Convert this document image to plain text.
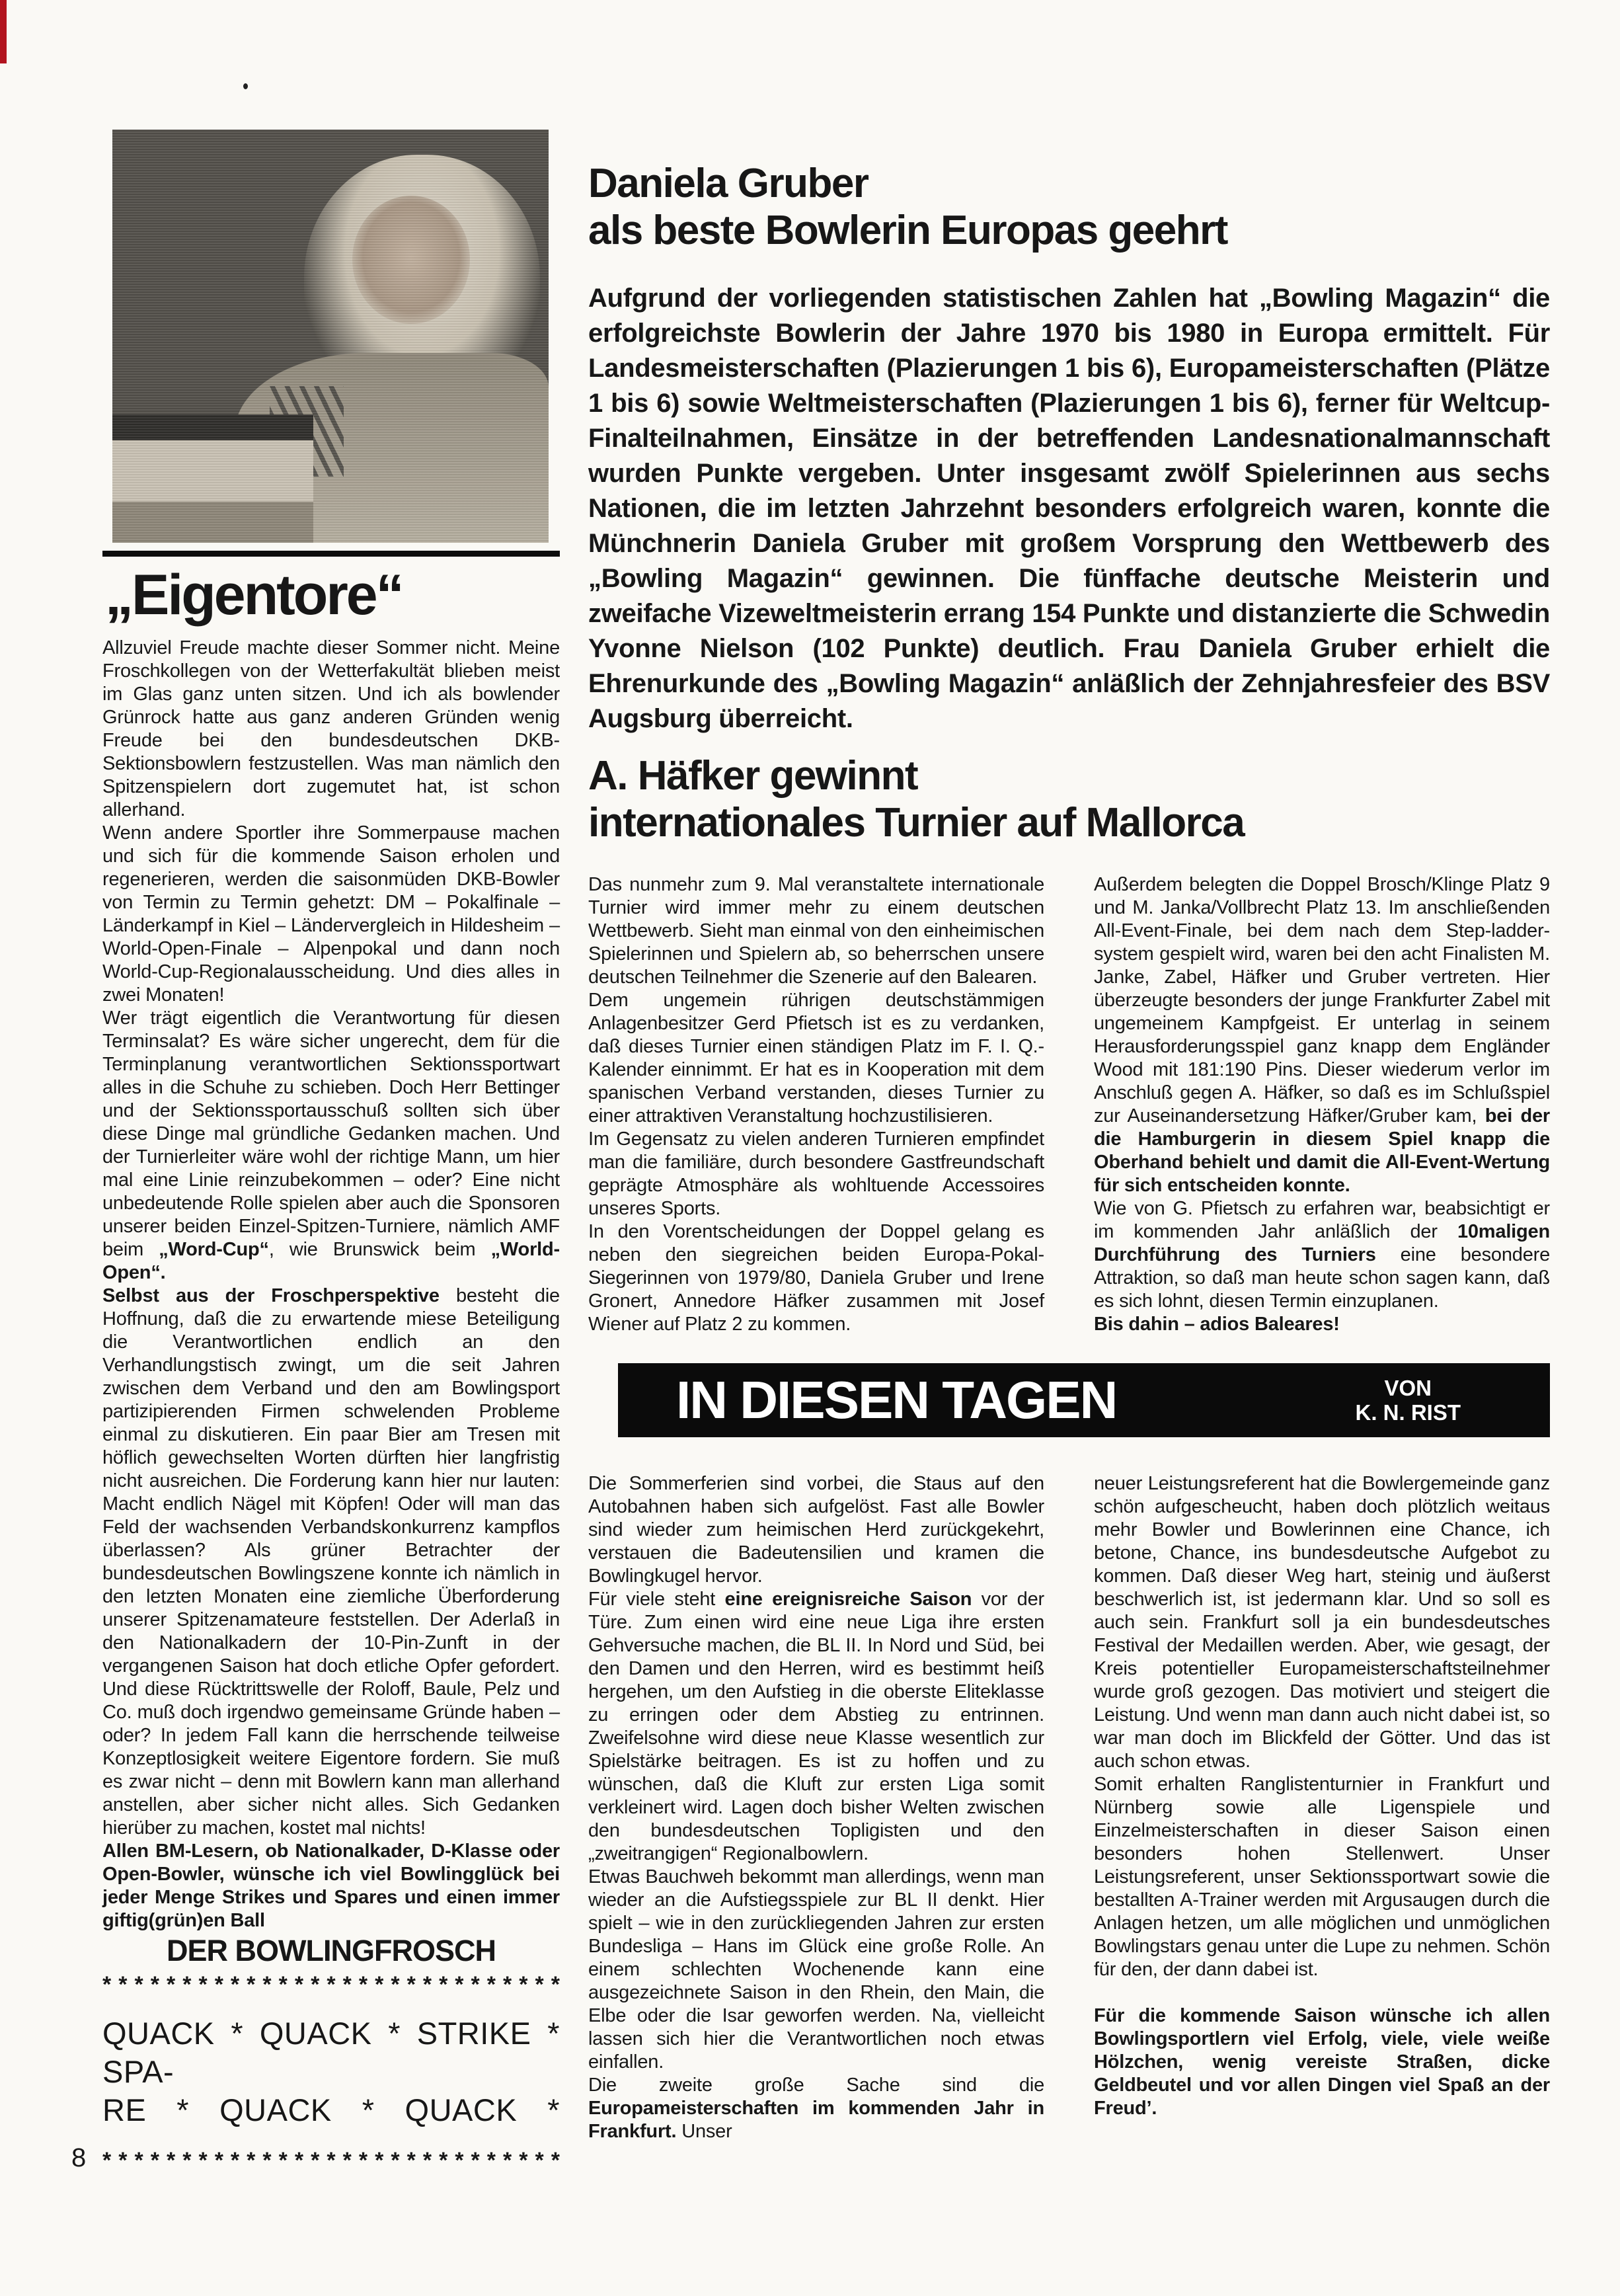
„Eigentore“

Allzuviel Freude machte dieser Sommer nicht. Meine Froschkollegen von der Wetterfakultät blieben meist im Glas ganz unten sitzen. Und ich als bowlender Grünrock hatte aus ganz anderen Gründen wenig Freude bei den bundesdeutschen DKB-Sektionsbowlern festzustellen. Was man nämlich den Spitzenspielern dort zugemutet hat, ist schon allerhand.

Wenn andere Sportler ihre Sommerpause machen und sich für die kommende Saison erholen und regenerieren, werden die saisonmüden DKB-Bowler von Termin zu Termin gehetzt: DM – Pokalfinale – Länderkampf in Kiel – Ländervergleich in Hildesheim – World-Open-Finale – Alpenpokal und dann noch World-Cup-Regionalausscheidung. Und dies alles in zwei Monaten!

Wer trägt eigentlich die Verantwortung für diesen Terminsalat? Es wäre sicher ungerecht, dem für die Terminplanung verantwortlichen Sektionssportwart alles in die Schuhe zu schieben. Doch Herr Bettinger und der Sektionssportausschuß sollten sich über diese Dinge mal gründliche Gedanken machen. Und der Turnierleiter wäre wohl der richtige Mann, um hier mal eine Linie reinzubekommen – oder? Eine nicht unbedeutende Rolle spielen aber auch die Sponsoren unserer beiden Einzel-Spitzen-Turniere, nämlich AMF beim „Word-Cup“, wie Brunswick beim „World-Open“.

Selbst aus der Froschperspektive besteht die Hoffnung, daß die zu erwartende miese Beteiligung die Verantwortlichen endlich an den Verhandlungstisch zwingt, um die seit Jahren zwischen dem Verband und den am Bowlingsport partizipierenden Firmen schwelenden Probleme einmal zu diskutieren. Ein paar Bier am Tresen mit höflich gewechselten Worten dürften hier langfristig nicht ausreichen. Die Forderung kann hier nur lauten: Macht endlich Nägel mit Köpfen! Oder will man das Feld der wachsenden Verbandskonkurrenz kampflos überlassen? Als grüner Betrachter der bundesdeutschen Bowlingszene konnte ich nämlich in den letzten Monaten eine ziemliche Überforderung unserer Spitzenamateure feststellen. Der Aderlaß in den Nationalkadern der 10-Pin-Zunft in der vergangenen Saison hat doch etliche Opfer gefordert. Und diese Rücktrittswelle der Roloff, Baule, Pelz und Co. muß doch irgendwo gemeinsame Gründe haben – oder? In jedem Fall kann die herrschende teilweise Konzeptlosigkeit weitere Eigentore fordern. Sie muß es zwar nicht – denn mit Bowlern kann man allerhand anstellen, aber sicher nicht alles. Sich Gedanken hierüber zu machen, kostet mal nichts!

Allen BM-Lesern, ob Nationalkader, D-Klasse oder Open-Bowler, wünsche ich viel Bowlingglück bei jeder Menge Strikes und Spares und einen immer giftig(grün)en Ball

DER BOWLINGFROSCH
* * * * * * * * * * * * * * * * * * * * * * * * * * * * *
QUACK * QUACK * STRIKE * SPA-
RE * QUACK * QUACK *
* * * * * * * * * * * * * * * * * * * * * * * * * * * * *
Daniela Gruber
als beste Bowlerin Europas geehrt

Aufgrund der vorliegenden statistischen Zahlen hat „Bowling Magazin“ die erfolgreichste Bowlerin der Jahre 1970 bis 1980 in Europa ermittelt. Für Landesmeisterschaften (Plazierungen 1 bis 6), Europameisterschaften (Plätze 1 bis 6) sowie Weltmeisterschaften (Plazierungen 1 bis 6), ferner für Weltcup-Finalteilnahmen, Einsätze in der betreffenden Landesnationalmannschaft wurden Punkte vergeben. Unter insgesamt zwölf Spielerinnen aus sechs Nationen, die im letzten Jahrzehnt besonders erfolgreich waren, konnte die Münchnerin Daniela Gruber mit großem Vorsprung den Wettbewerb des „Bowling Magazin“ gewinnen. Die fünffache deutsche Meisterin und zweifache Vizeweltmeisterin errang 154 Punkte und distanzierte die Schwedin Yvonne Nielson (102 Punkte) deutlich. Frau Daniela Gruber erhielt die Ehrenurkunde des „Bowling Magazin“ anläßlich der Zehnjahresfeier des BSV Augsburg überreicht.

A. Häfker gewinnt
internationales Turnier auf Mallorca

Das nunmehr zum 9. Mal veranstaltete internationale Turnier wird immer mehr zu einem deutschen Wettbewerb. Sieht man einmal von den einheimischen Spielerinnen und Spielern ab, so beherrschen unsere deutschen Teilnehmer die Szenerie auf den Balearen.

Dem ungemein rührigen deutschstämmigen Anlagenbesitzer Gerd Pfietsch ist es zu verdanken, daß dieses Turnier einen ständigen Platz im F. I. Q.-Kalender einnimmt. Er hat es in Kooperation mit dem spanischen Verband verstanden, dieses Turnier zu einer attraktiven Veranstaltung hochzustilisieren.

Im Gegensatz zu vielen anderen Turnieren empfindet man die familiäre, durch besondere Gastfreundschaft geprägte Atmosphäre als wohltuende Accessoires unseres Sports.

In den Vorentscheidungen der Doppel gelang es neben den siegreichen beiden Europa-Pokal-Siegerinnen von 1979/80, Daniela Gruber und Irene Gronert, Annedore Häfker zusammen mit Josef Wiener auf Platz 2 zu kommen.

Außerdem belegten die Doppel Brosch/Klinge Platz 9 und M. Janka/Vollbrecht Platz 13. Im anschließenden All-Event-Finale, bei dem nach dem Step-ladder-system gespielt wird, waren bei den acht Finalisten M. Janke, Zabel, Häfker und Gruber vertreten. Hier überzeugte besonders der junge Frankfurter Zabel mit ungemeinem Kampfgeist. Er unterlag in seinem Herausforderungsspiel ganz knapp dem Engländer Wood mit 181:190 Pins. Dieser wiederum verlor im Anschluß gegen A. Häfker, so daß es im Schlußspiel zur Auseinandersetzung Häfker/Gruber kam, bei der die Hamburgerin in diesem Spiel knapp die Oberhand behielt und damit die All-Event-Wertung für sich entscheiden konnte.

Wie von G. Pfietsch zu erfahren war, beabsichtigt er im kommenden Jahr anläßlich der 10maligen Durchführung des Turniers eine besondere Attraktion, so daß man heute schon sagen kann, daß es sich lohnt, diesen Termin einzuplanen.

Bis dahin – adios Baleares!

IN DIESEN TAGEN	VON
K. N. RIST

Die Sommerferien sind vorbei, die Staus auf den Autobahnen haben sich aufgelöst. Fast alle Bowler sind wieder zum heimischen Herd zurückgekehrt, verstauen die Badeutensilien und kramen die Bowlingkugel hervor.

Für viele steht eine ereignisreiche Saison vor der Türe. Zum einen wird eine neue Liga ihre ersten Gehversuche machen, die BL II. In Nord und Süd, bei den Damen und den Herren, wird es bestimmt heiß hergehen, um den Aufstieg in die oberste Eliteklasse zu erringen oder dem Abstieg zu entrinnen. Zweifelsohne wird diese neue Klasse wesentlich zur Spielstärke beitragen. Es ist zu hoffen und zu wünschen, daß die Kluft zur ersten Liga somit verkleinert wird. Lagen doch bisher Welten zwischen den bundesdeutschen Topligisten und den „zweitrangigen“ Regionalbowlern.

Etwas Bauchweh bekommt man allerdings, wenn man wieder an die Aufstiegsspiele zur BL II denkt. Hier spielt – wie in den zurückliegenden Jahren zur ersten Bundesliga – Hans im Glück eine große Rolle. An einem schlechten Wochenende kann eine ausgezeichnete Saison in den Rhein, den Main, die Elbe oder die Isar geworfen werden. Na, vielleicht lassen sich hier die Verantwortlichen noch etwas einfallen.

Die zweite große Sache sind die Europameisterschaften im kommenden Jahr in Frankfurt. Unser

neuer Leistungsreferent hat die Bowlergemeinde ganz schön aufgescheucht, haben doch plötzlich weitaus mehr Bowler und Bowlerinnen eine Chance, ich betone, Chance, ins bundesdeutsche Aufgebot zu kommen. Daß dieser Weg hart, steinig und äußerst beschwerlich ist, ist jedermann klar. Und so soll es auch sein. Frankfurt soll ja ein bundesdeutsches Festival der Medaillen werden. Aber, wie gesagt, der Kreis potentieller Europameisterschaftsteilnehmer wurde groß gezogen. Das motiviert und steigert die Leistung. Und wenn man dann auch nicht dabei ist, so war man doch im Blickfeld der Götter. Und das ist auch schon etwas.

Somit erhalten Ranglistenturnier in Frankfurt und Nürnberg sowie alle Ligenspiele und Einzelmeisterschaften in dieser Saison einen besonders hohen Stellenwert. Unser Leistungsreferent, unser Sektionssportwart sowie die bestallten A-Trainer werden mit Argusaugen durch die Anlagen hetzen, um alle möglichen und unmöglichen Bowlingstars genau unter die Lupe zu nehmen. Schön für den, der dann dabei ist.

Für die kommende Saison wünsche ich allen Bowlingsportlern viel Erfolg, viele, viele weiße Hölzchen, wenig vereiste Straßen, dicke Geldbeutel und vor allen Dingen viel Spaß an der Freud’.

8
